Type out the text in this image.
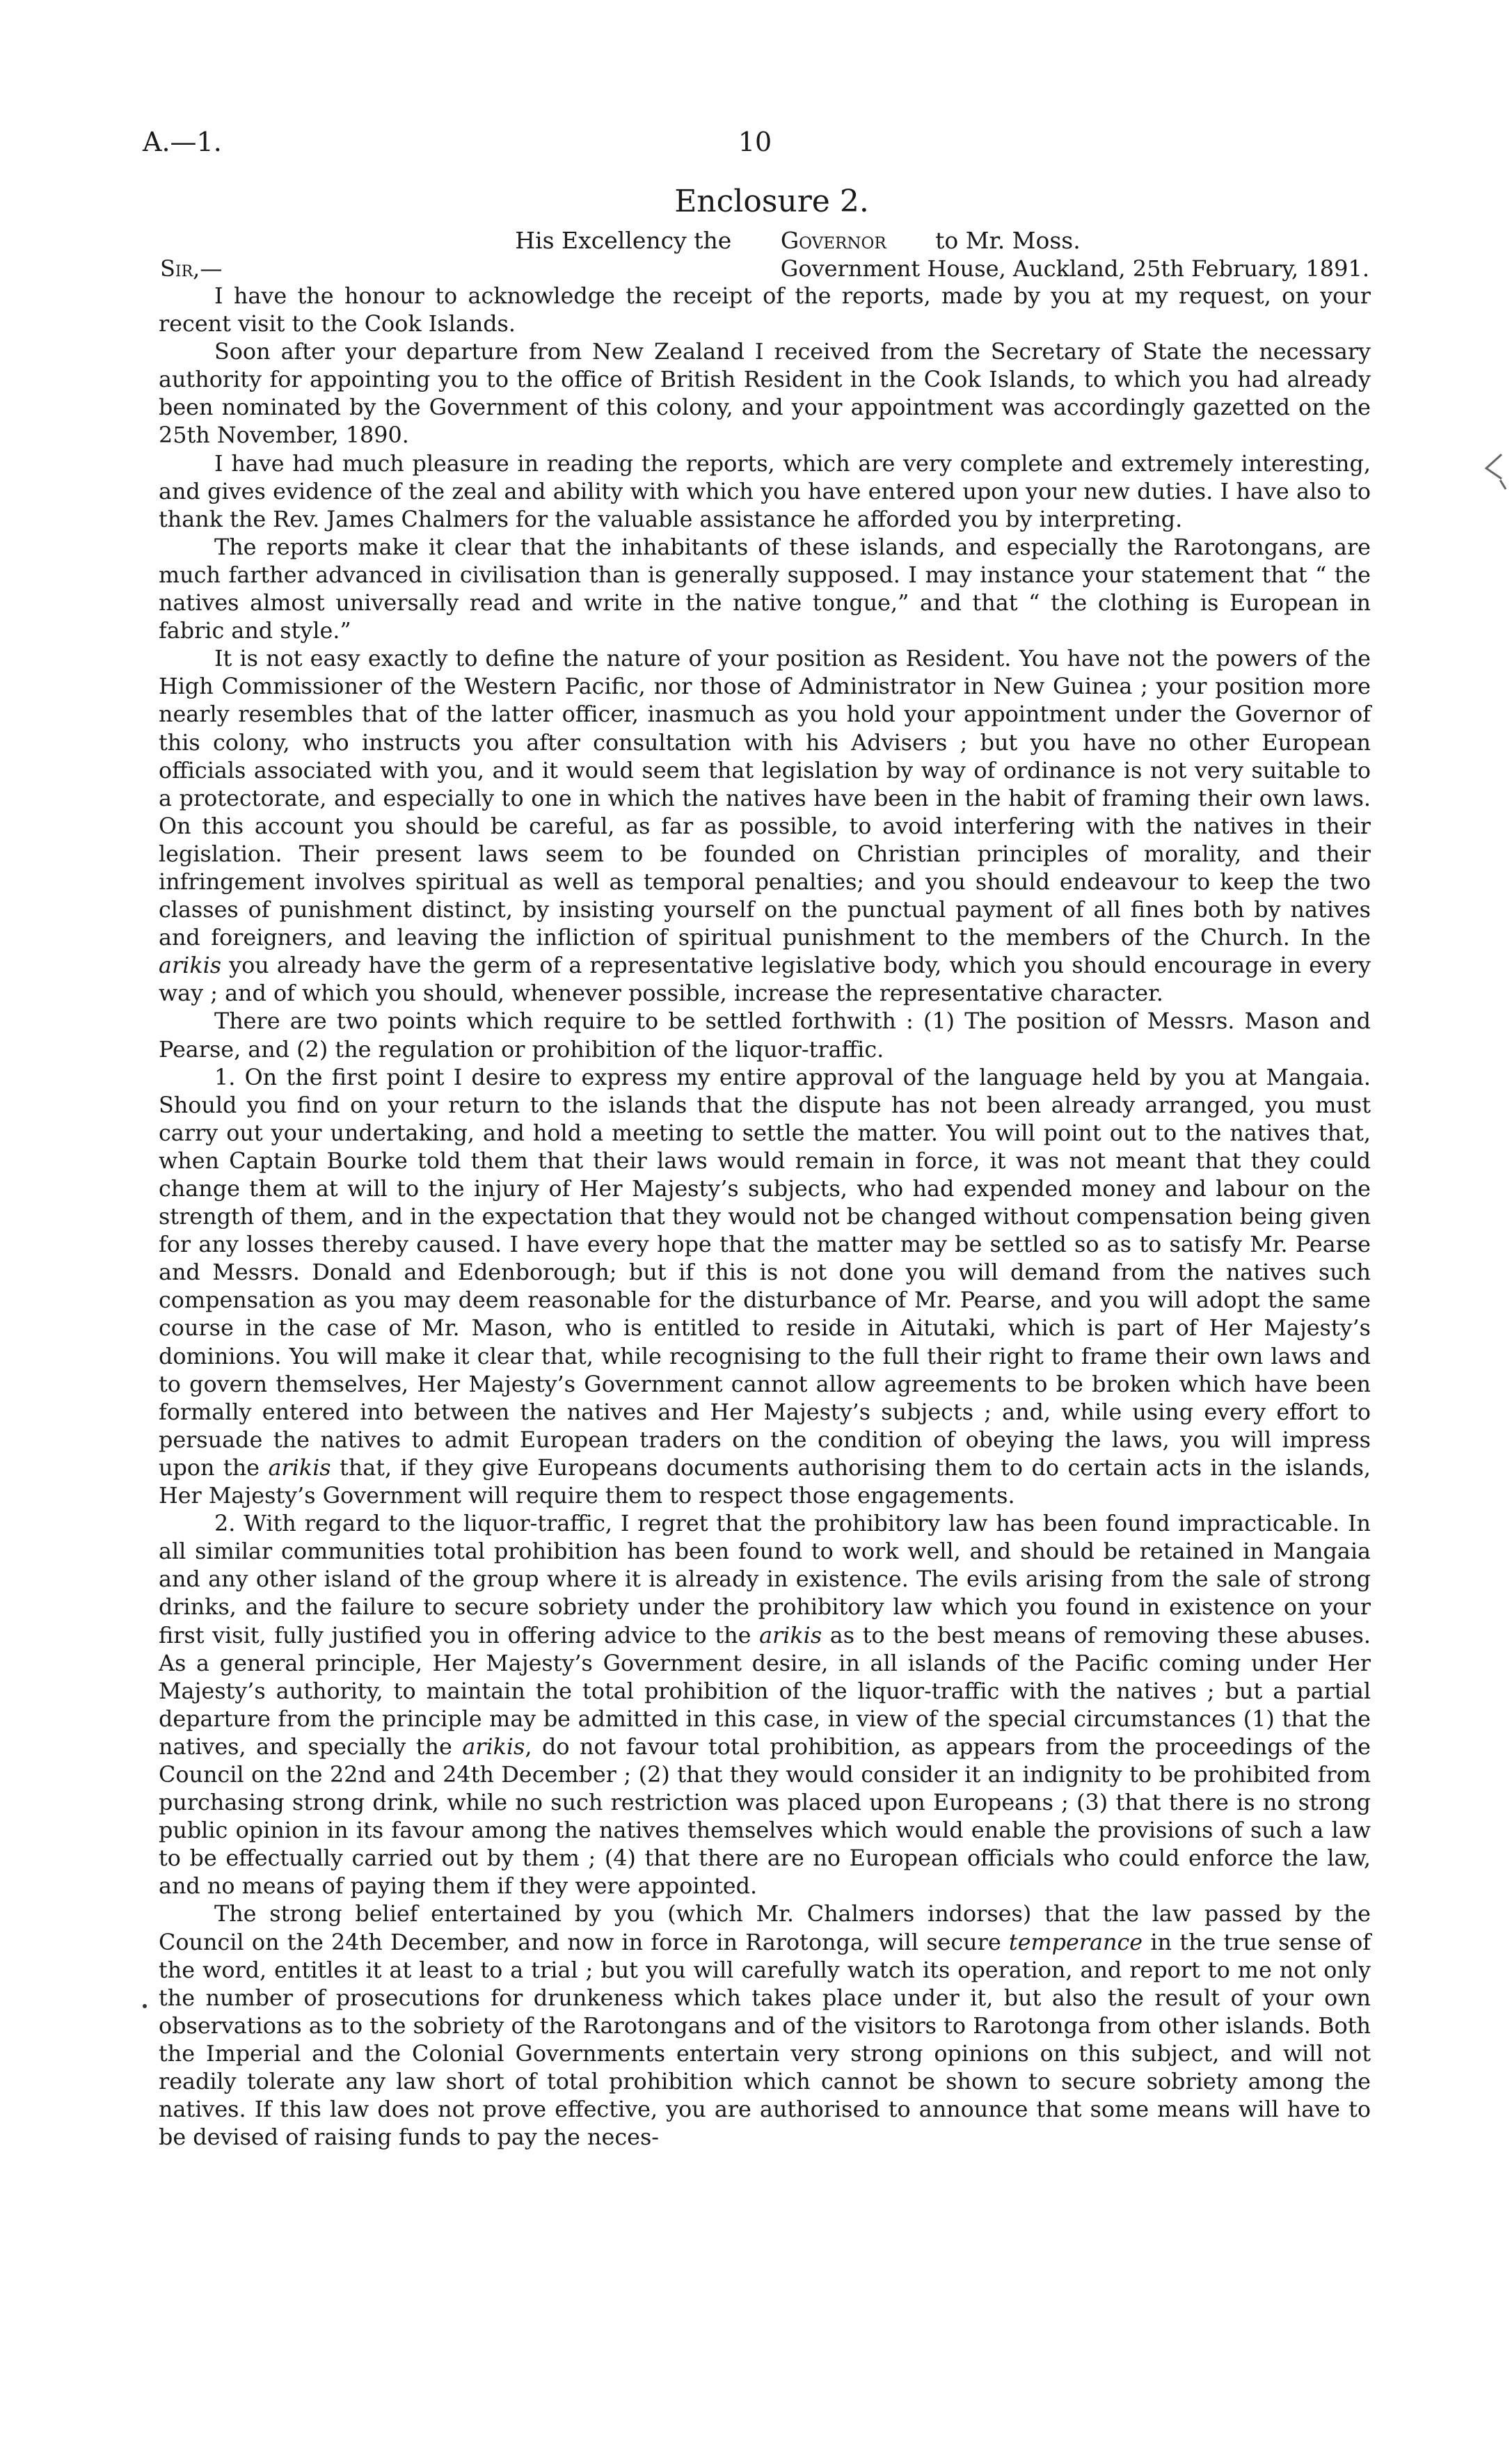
A.—1.	10
Enclosure 2.
His Excellency the Governor to Mr. Moss.
Sir,—	Government House, Auckland, 25th February, 1891.

I have the honour to acknowledge the receipt of the reports, made by you at my request, on your recent visit to the Cook Islands.

Soon after your departure from New Zealand I received from the Secretary of State the necessary authority for appointing you to the office of British Resident in the Cook Islands, to which you had already been nominated by the Government of this colony, and your appointment was accordingly gazetted on the 25th November, 1890.

I have had much pleasure in reading the reports, which are very complete and extremely interesting, and gives evidence of the zeal and ability with which you have entered upon your new duties. I have also to thank the Rev. James Chalmers for the valuable assistance he afforded you by interpreting.

The reports make it clear that the inhabitants of these islands, and especially the Rarotongans, are much farther advanced in civilisation than is generally supposed. I may instance your statement that “ the natives almost universally read and write in the native tongue,” and that “ the clothing is European in fabric and style.”

It is not easy exactly to define the nature of your position as Resident. You have not the powers of the High Commissioner of the Western Pacific, nor those of Administrator in New Guinea ; your position more nearly resembles that of the latter officer, inasmuch as you hold your appointment under the Governor of this colony, who instructs you after consultation with his Advisers ; but you have no other European officials associated with you, and it would seem that legislation by way of ordinance is not very suitable to a protectorate, and especially to one in which the natives have been in the habit of framing their own laws. On this account you should be careful, as far as possible, to avoid interfering with the natives in their legislation. Their present laws seem to be founded on Christian principles of morality, and their infringement involves spiritual as well as temporal penalties; and you should endeavour to keep the two classes of punishment distinct, by insisting yourself on the punctual payment of all fines both by natives and foreigners, and leaving the infliction of spiritual punishment to the members of the Church. In the arikis you already have the germ of a representative legislative body, which you should encourage in every way ; and of which you should, whenever possible, increase the representative character.

There are two points which require to be settled forthwith : (1) The position of Messrs. Mason and Pearse, and (2) the regulation or prohibition of the liquor-traffic.

1. On the first point I desire to express my entire approval of the language held by you at Mangaia. Should you find on your return to the islands that the dispute has not been already arranged, you must carry out your undertaking, and hold a meeting to settle the matter. You will point out to the natives that, when Captain Bourke told them that their laws would remain in force, it was not meant that they could change them at will to the injury of Her Majesty’s subjects, who had expended money and labour on the strength of them, and in the expectation that they would not be changed without compensation being given for any losses thereby caused. I have every hope that the matter may be settled so as to satisfy Mr. Pearse and Messrs. Donald and Edenborough; but if this is not done you will demand from the natives such compensation as you may deem reasonable for the disturbance of Mr. Pearse, and you will adopt the same course in the case of Mr. Mason, who is entitled to reside in Aitutaki, which is part of Her Majesty’s dominions. You will make it clear that, while recognising to the full their right to frame their own laws and to govern themselves, Her Majesty’s Government cannot allow agreements to be broken which have been formally entered into between the natives and Her Majesty’s subjects ; and, while using every effort to persuade the natives to admit European traders on the condition of obeying the laws, you will impress upon the arikis that, if they give Europeans documents authorising them to do certain acts in the islands, Her Majesty’s Government will require them to respect those engagements.

2. With regard to the liquor-traffic, I regret that the prohibitory law has been found impracticable. In all similar communities total prohibition has been found to work well, and should be retained in Mangaia and any other island of the group where it is already in existence. The evils arising from the sale of strong drinks, and the failure to secure sobriety under the prohibitory law which you found in existence on your first visit, fully justified you in offering advice to the arikis as to the best means of removing these abuses. As a general principle, Her Majesty’s Government desire, in all islands of the Pacific coming under Her Majesty’s authority, to maintain the total prohibition of the liquor-traffic with the natives ; but a partial departure from the principle may be admitted in this case, in view of the special circumstances (1) that the natives, and specially the arikis, do not favour total prohibition, as appears from the proceedings of the Council on the 22nd and 24th December ; (2) that they would consider it an indignity to be prohibited from purchasing strong drink, while no such restriction was placed upon Europeans ; (3) that there is no strong public opinion in its favour among the natives themselves which would enable the provisions of such a law to be effectually carried out by them ; (4) that there are no European officials who could enforce the law, and no means of paying them if they were appointed.

The strong belief entertained by you (which Mr. Chalmers indorses) that the law passed by the Council on the 24th December, and now in force in Rarotonga, will secure temperance in the true sense of the word, entitles it at least to a trial ; but you will carefully watch its operation, and report to me not only the number of prosecutions for drunkeness which takes place under it, but also the result of your own observations as to the sobriety of the Rarotongans and of the visitors to Rarotonga from other islands. Both the Imperial and the Colonial Governments entertain very strong opinions on this subject, and will not readily tolerate any law short of total prohibition which cannot be shown to secure sobriety among the natives. If this law does not prove effective, you are authorised to announce that some means will have to be devised of raising funds to pay the neces-
